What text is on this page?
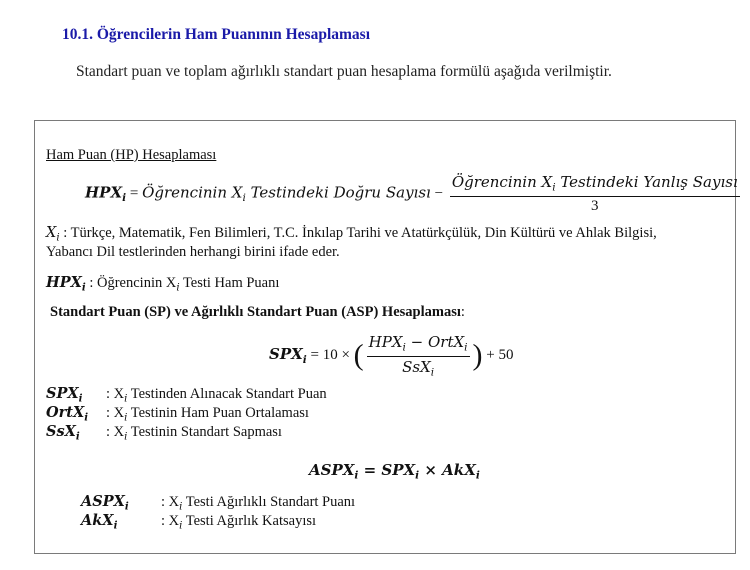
10.1. Öğrencilerin Ham Puanının Hesaplaması
Standart puan ve toplam ağırlıklı standart puan hesaplama formülü aşağıda verilmiştir.
Ham Puan (HP) Hesaplaması
$HPX_i$ = Öğrencinin $X_i$ Testindeki Doğru Sayısı − $\frac{Öğrencinin X_i Testindeki Yanlış Sayısı}{3}$
$X_i$ : Türkçe, Matematik, Fen Bilimleri, T.C. İnkılap Tarihi ve Atatürkçülük, Din Kültürü ve Ahlak Bilgisi,
Yabancı Dil testlerinden herhangi birini ifade eder.
$HPX_i$ : Öğrencinin $X_i$ Testi Ham Puanı
Standart Puan (SP) ve Ağırlıklı Standart Puan (ASP) Hesaplaması:
$SPX_i = 10$ × ( $\frac{HPX_i - OrtX_i}{SsX_i}$ ) + 50
$SPX_i$ : $X_i$ Testinden Alınacak Standart Puan
OrtX$_i$ : $X_i$ Testinin Ham Puan Ortalaması
SsX$_i$ : $X_i$ Testinin Standart Sapması
$ASPX_i = SPX_i \times AkX_i$
$ASPX_i$ : $X_i$ Testi Ağırlıklı Standart Puanı
AkX$_i$	: $X_i$ Testi Ağırlık Katsayısı
